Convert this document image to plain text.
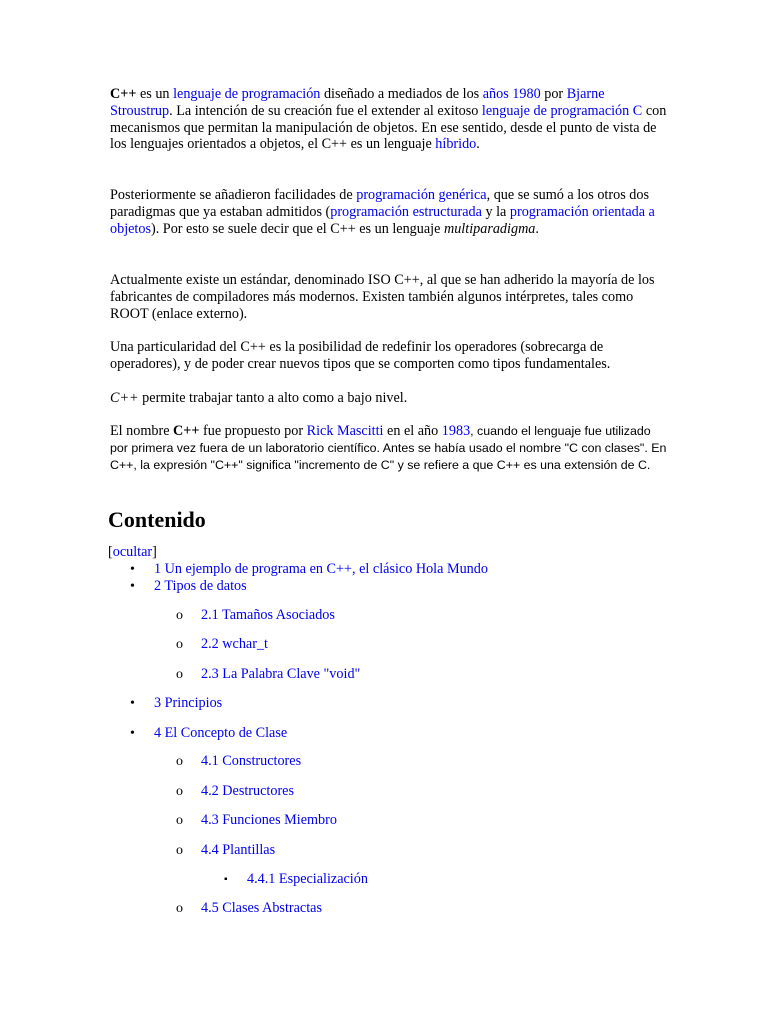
C++ es un lenguaje de programación diseñado a mediados de los años 1980 por Bjarne Stroustrup. La intención de su creación fue el extender al exitoso lenguaje de programación C con mecanismos que permitan la manipulación de objetos. En ese sentido, desde el punto de vista de los lenguajes orientados a objetos, el C++ es un lenguaje híbrido.

Posteriormente se añadieron facilidades de programación genérica, que se sumó a los otros dos paradigmas que ya estaban admitidos (programación estructurada y la programación orientada a objetos). Por esto se suele decir que el C++ es un lenguaje multiparadigma.

Actualmente existe un estándar, denominado ISO C++, al que se han adherido la mayoría de los fabricantes de compiladores más modernos. Existen también algunos intérpretes, tales como ROOT (enlace externo).

Una particularidad del C++ es la posibilidad de redefinir los operadores (sobrecarga de operadores), y de poder crear nuevos tipos que se comporten como tipos fundamentales.

C++ permite trabajar tanto a alto como a bajo nivel.

El nombre C++ fue propuesto por Rick Mascitti en el año 1983, cuando el lenguaje fue utilizado por primera vez fuera de un laboratorio científico. Antes se había usado el nombre "C con clases". En C++, la expresión "C++" significa "incremento de C" y se refiere a que C++ es una extensión de C.

Contenido
[ocultar]
• 1 Un ejemplo de programa en C++, el clásico Hola Mundo
• 2 Tipos de datos
o 2.1 Tamaños Asociados
o 2.2 wchar_t
o 2.3 La Palabra Clave "void"
• 3 Principios
• 4 El Concepto de Clase
o 4.1 Constructores
o 4.2 Destructores
o 4.3 Funciones Miembro
o 4.4 Plantillas
▪ 4.4.1 Especialización
o 4.5 Clases Abstractas
